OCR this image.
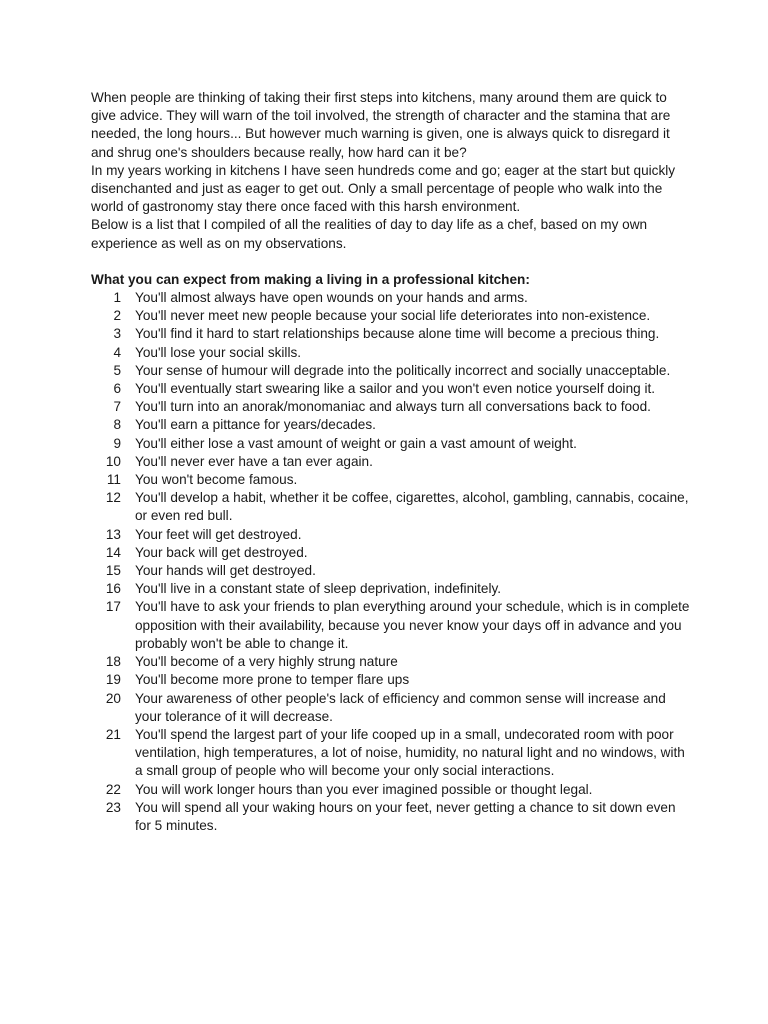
When people are thinking of taking their first steps into kitchens, many around them are quick to give advice. They will warn of the toil involved, the strength of character and the stamina that are needed, the long hours... But however much warning is given, one is always quick to disregard it and shrug one's shoulders because really, how hard can it be?

In my years working in kitchens I have seen hundreds come and go; eager at the start but quickly disenchanted and just as eager to get out. Only a small percentage of people who walk into the world of gastronomy stay there once faced with this harsh environment.

Below is a list that I compiled of all the realities of day to day life as a chef, based on my own experience as well as on my observations.

What you can expect from making a living in a professional kitchen:

1 You'll almost always have open wounds on your hands and arms.
2 You'll never meet new people because your social life deteriorates into non-existence.
3 You'll find it hard to start relationships because alone time will become a precious thing.
4 You'll lose your social skills.
5 Your sense of humour will degrade into the politically incorrect and socially unacceptable.
6 You'll eventually start swearing like a sailor and you won't even notice yourself doing it.
7 You'll turn into an anorak/monomaniac and always turn all conversations back to food.
8 You'll earn a pittance for years/decades.
9 You'll either lose a vast amount of weight or gain a vast amount of weight.
10 You'll never ever have a tan ever again.
11 You won't become famous.
12 You'll develop a habit, whether it be coffee, cigarettes, alcohol, gambling, cannabis, cocaine, or even red bull.
13 Your feet will get destroyed.
14 Your back will get destroyed.
15 Your hands will get destroyed.
16 You'll live in a constant state of sleep deprivation, indefinitely.
17 You'll have to ask your friends to plan everything around your schedule, which is in complete opposition with their availability, because you never know your days off in advance and you probably won't be able to change it.
18 You'll become of a very highly strung nature
19 You'll become more prone to temper flare ups
20 Your awareness of other people's lack of efficiency and common sense will increase and your tolerance of it will decrease.
21 You'll spend the largest part of your life cooped up in a small, undecorated room with poor ventilation, high temperatures, a lot of noise, humidity, no natural light and no windows, with a small group of people who will become your only social interactions.
22 You will work longer hours than you ever imagined possible or thought legal.
23 You will spend all your waking hours on your feet, never getting a chance to sit down even for 5 minutes.
